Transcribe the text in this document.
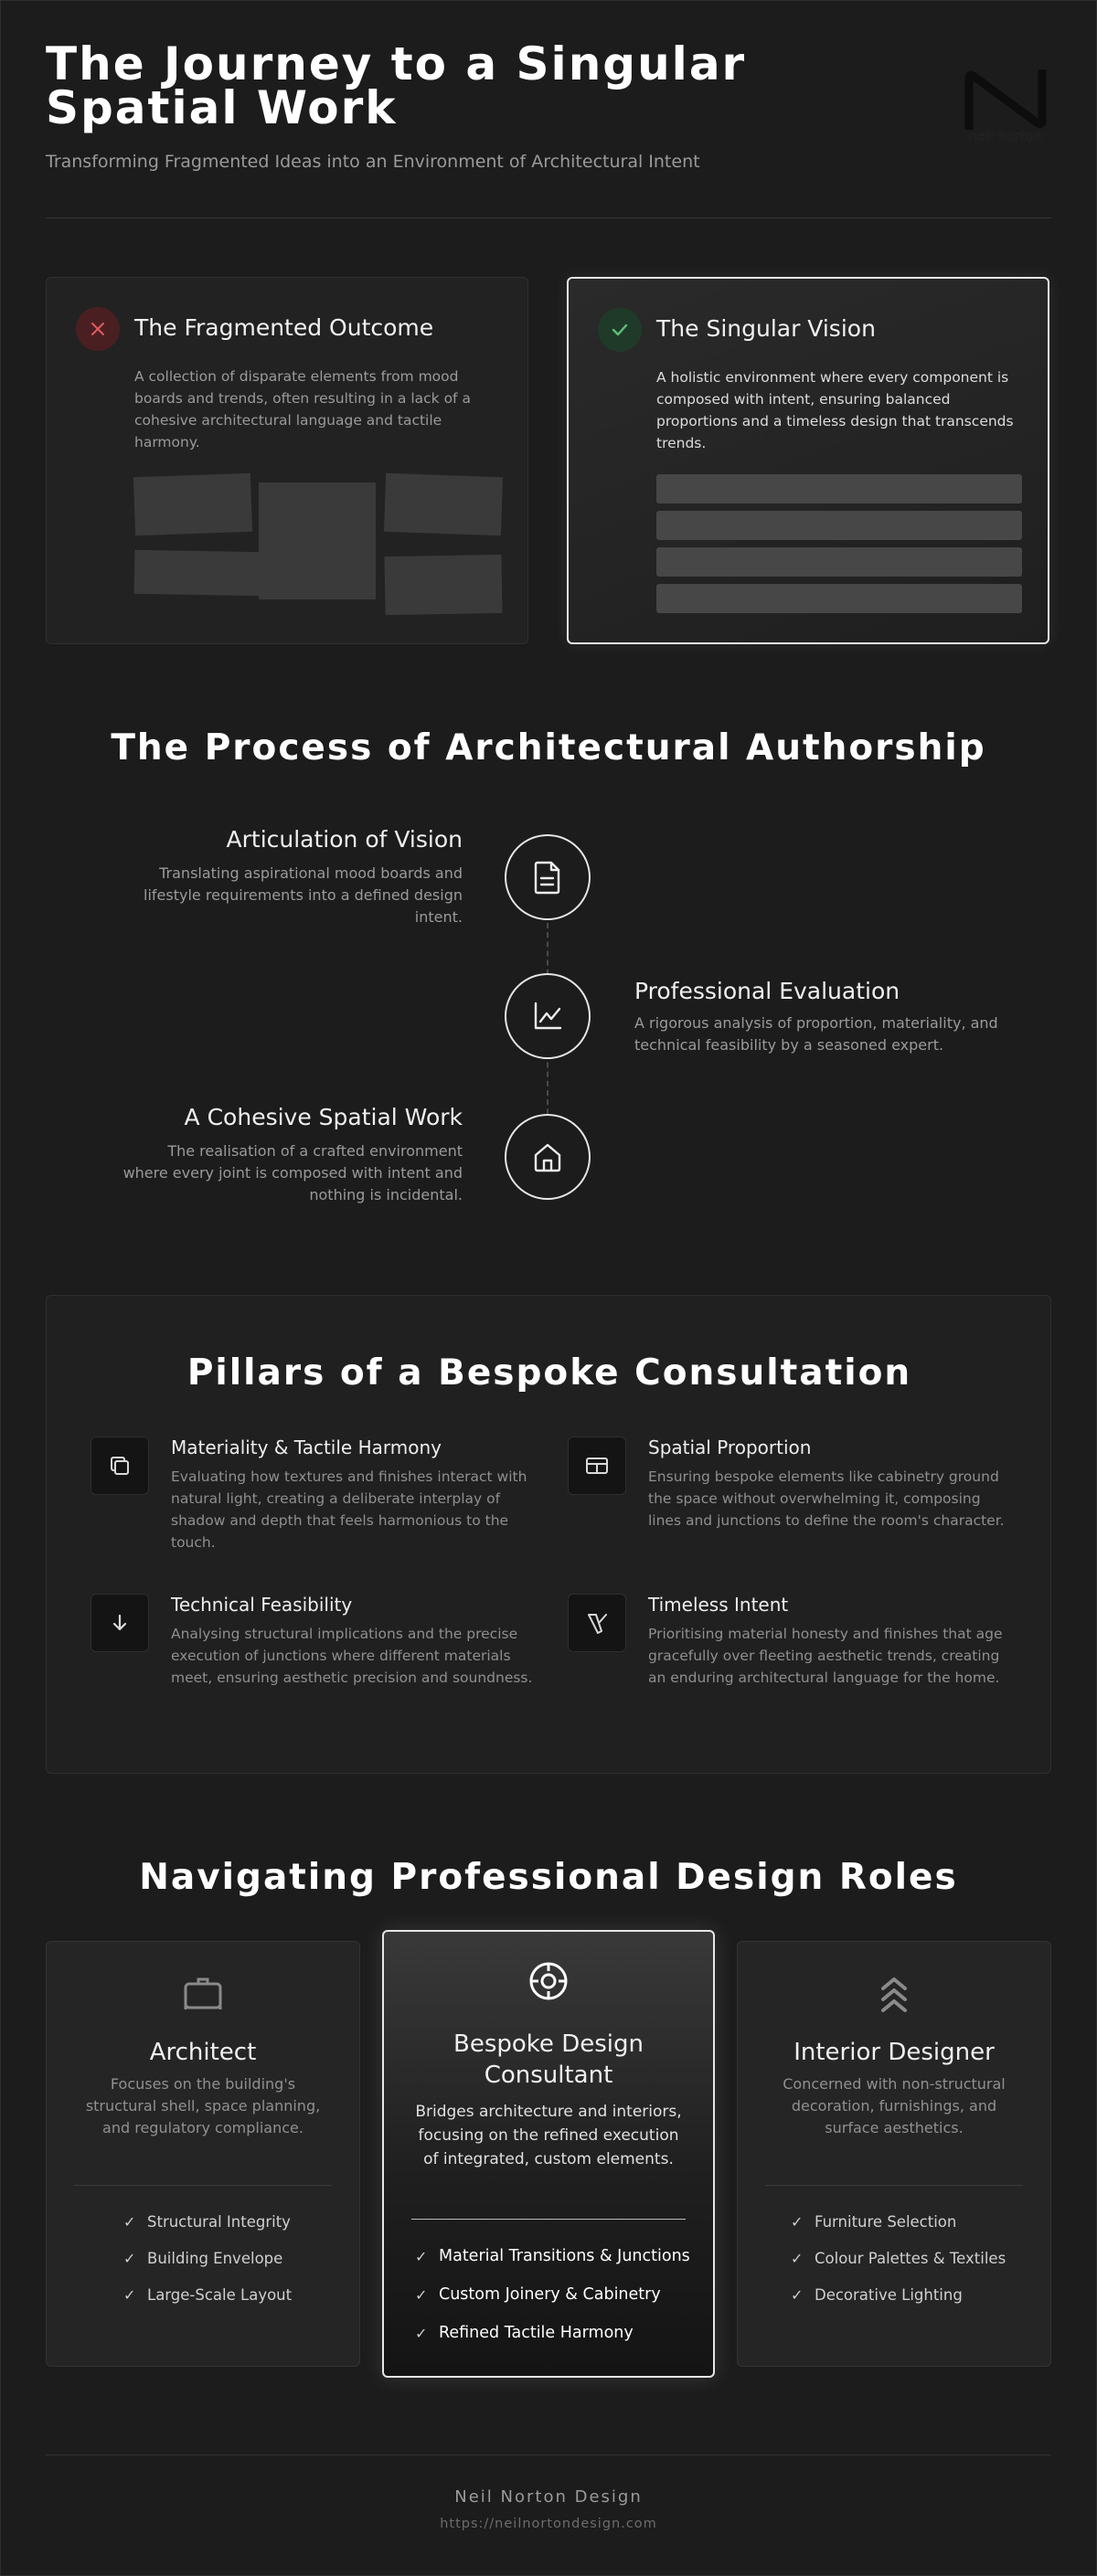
The Journey to a Singular Spatial Work

Transforming Fragmented Ideas into an Environment of Architectural Intent

neil norton
The Fragmented Outcome
A collection of disparate elements from mood boards and trends, often resulting in a lack of a cohesive architectural language and tactile harmony.
The Singular Vision
A holistic environment where every component is composed with intent, ensuring balanced proportions and a timeless design that transcends trends.
The Process of Architectural Authorship
Articulation of Vision
Translating aspirational mood boards and lifestyle requirements into a defined design intent.
Professional Evaluation
A rigorous analysis of proportion, materiality, and technical feasibility by a seasoned expert.
A Cohesive Spatial Work
The realisation of a crafted environment where every joint is composed with intent and nothing is incidental.
Pillars of a Bespoke Consultation
Materiality & Tactile Harmony
Evaluating how textures and finishes interact with natural light, creating a deliberate interplay of shadow and depth that feels harmonious to the touch.
Spatial Proportion
Ensuring bespoke elements like cabinetry ground the space without overwhelming it, composing lines and junctions to define the room's character.
Technical Feasibility
Analysing structural implications and the precise execution of junctions where different materials meet, ensuring aesthetic precision and soundness.
Timeless Intent
Prioritising material honesty and finishes that age gracefully over fleeting aesthetic trends, creating an enduring architectural language for the home.
Navigating Professional Design Roles
Architect
Focuses on the building's structural shell, space planning, and regulatory compliance.
✓ Structural Integrity
✓ Building Envelope
✓ Large-Scale Layout
Bespoke Design Consultant
Bridges architecture and interiors, focusing on the refined execution of integrated, custom elements.
✓ Material Transitions & Junctions
✓ Custom Joinery & Cabinetry
✓ Refined Tactile Harmony
Interior Designer
Concerned with non-structural decoration, furnishings, and surface aesthetics.
✓ Furniture Selection
✓ Colour Palettes & Textiles
✓ Decorative Lighting
Neil Norton Design
https://neilnortondesign.com
